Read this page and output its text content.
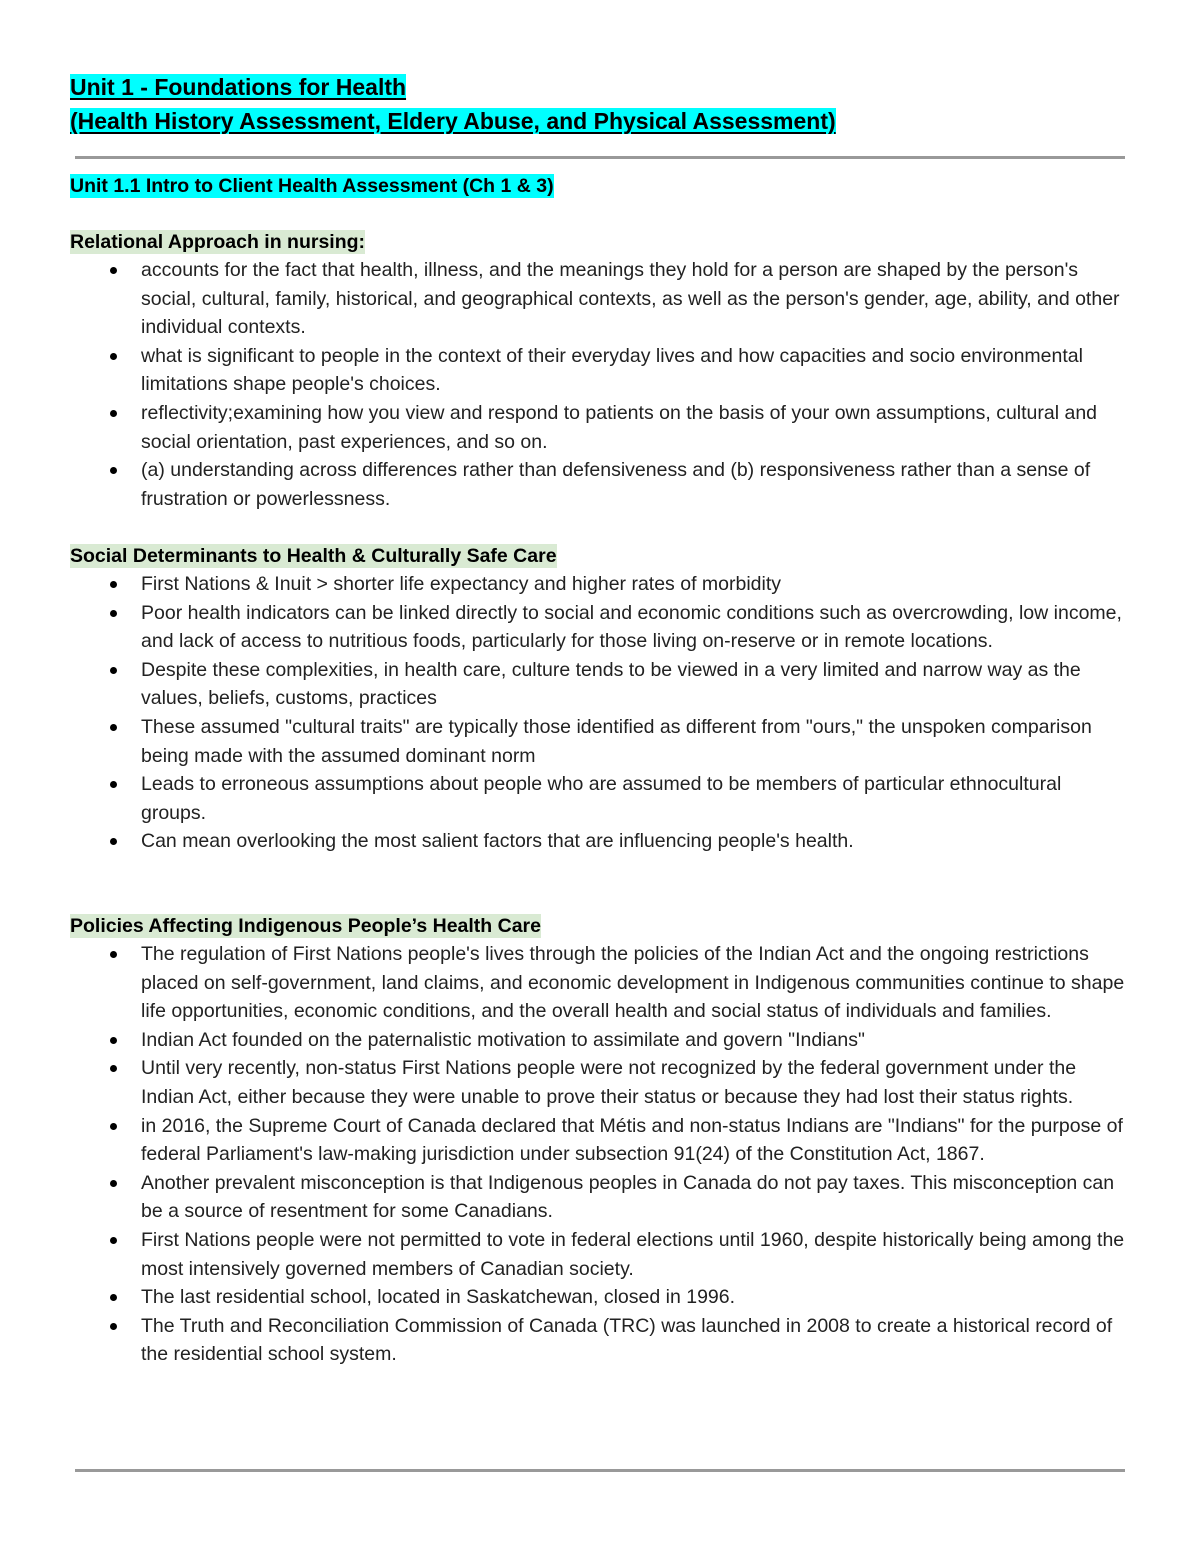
Unit 1 - Foundations for Health
(Health History Assessment, Eldery Abuse, and Physical Assessment)
Unit 1.1 Intro to Client Health Assessment (Ch 1 & 3)
Relational Approach in nursing:
accounts for the fact that health, illness, and the meanings they hold for a person are shaped by the person's social, cultural, family, historical, and geographical contexts, as well as the person's gender, age, ability, and other individual contexts.
what is significant to people in the context of their everyday lives and how capacities and socio environmental limitations shape people's choices.
reflectivity;examining how you view and respond to patients on the basis of your own assumptions, cultural and social orientation, past experiences, and so on.
(a) understanding across differences rather than defensiveness and (b) responsiveness rather than a sense of frustration or powerlessness.
Social Determinants to Health & Culturally Safe Care
First Nations & Inuit > shorter life expectancy and higher rates of morbidity
Poor health indicators can be linked directly to social and economic conditions such as overcrowding, low income, and lack of access to nutritious foods, particularly for those living on-reserve or in remote locations.
Despite these complexities, in health care, culture tends to be viewed in a very limited and narrow way as the values, beliefs, customs, practices
These assumed "cultural traits" are typically those identified as different from "ours," the unspoken comparison being made with the assumed dominant norm
Leads to erroneous assumptions about people who are assumed to be members of particular ethnocultural groups.
Can mean overlooking the most salient factors that are influencing people's health.
Policies Affecting Indigenous People’s Health Care
The regulation of First Nations people's lives through the policies of the Indian Act and the ongoing restrictions placed on self-government, land claims, and economic development in Indigenous communities continue to shape life opportunities, economic conditions, and the overall health and social status of individuals and families.
Indian Act founded on the paternalistic motivation to assimilate and govern "Indians"
Until very recently, non-status First Nations people were not recognized by the federal government under the Indian Act, either because they were unable to prove their status or because they had lost their status rights.
in 2016, the Supreme Court of Canada declared that Métis and non-status Indians are "Indians" for the purpose of federal Parliament's law-making jurisdiction under subsection 91(24) of the Constitution Act, 1867.
Another prevalent misconception is that Indigenous peoples in Canada do not pay taxes. This misconception can be a source of resentment for some Canadians.
First Nations people were not permitted to vote in federal elections until 1960, despite historically being among the most intensively governed members of Canadian society.
The last residential school, located in Saskatchewan, closed in 1996.
The Truth and Reconciliation Commission of Canada (TRC) was launched in 2008 to create a historical record of the residential school system.
